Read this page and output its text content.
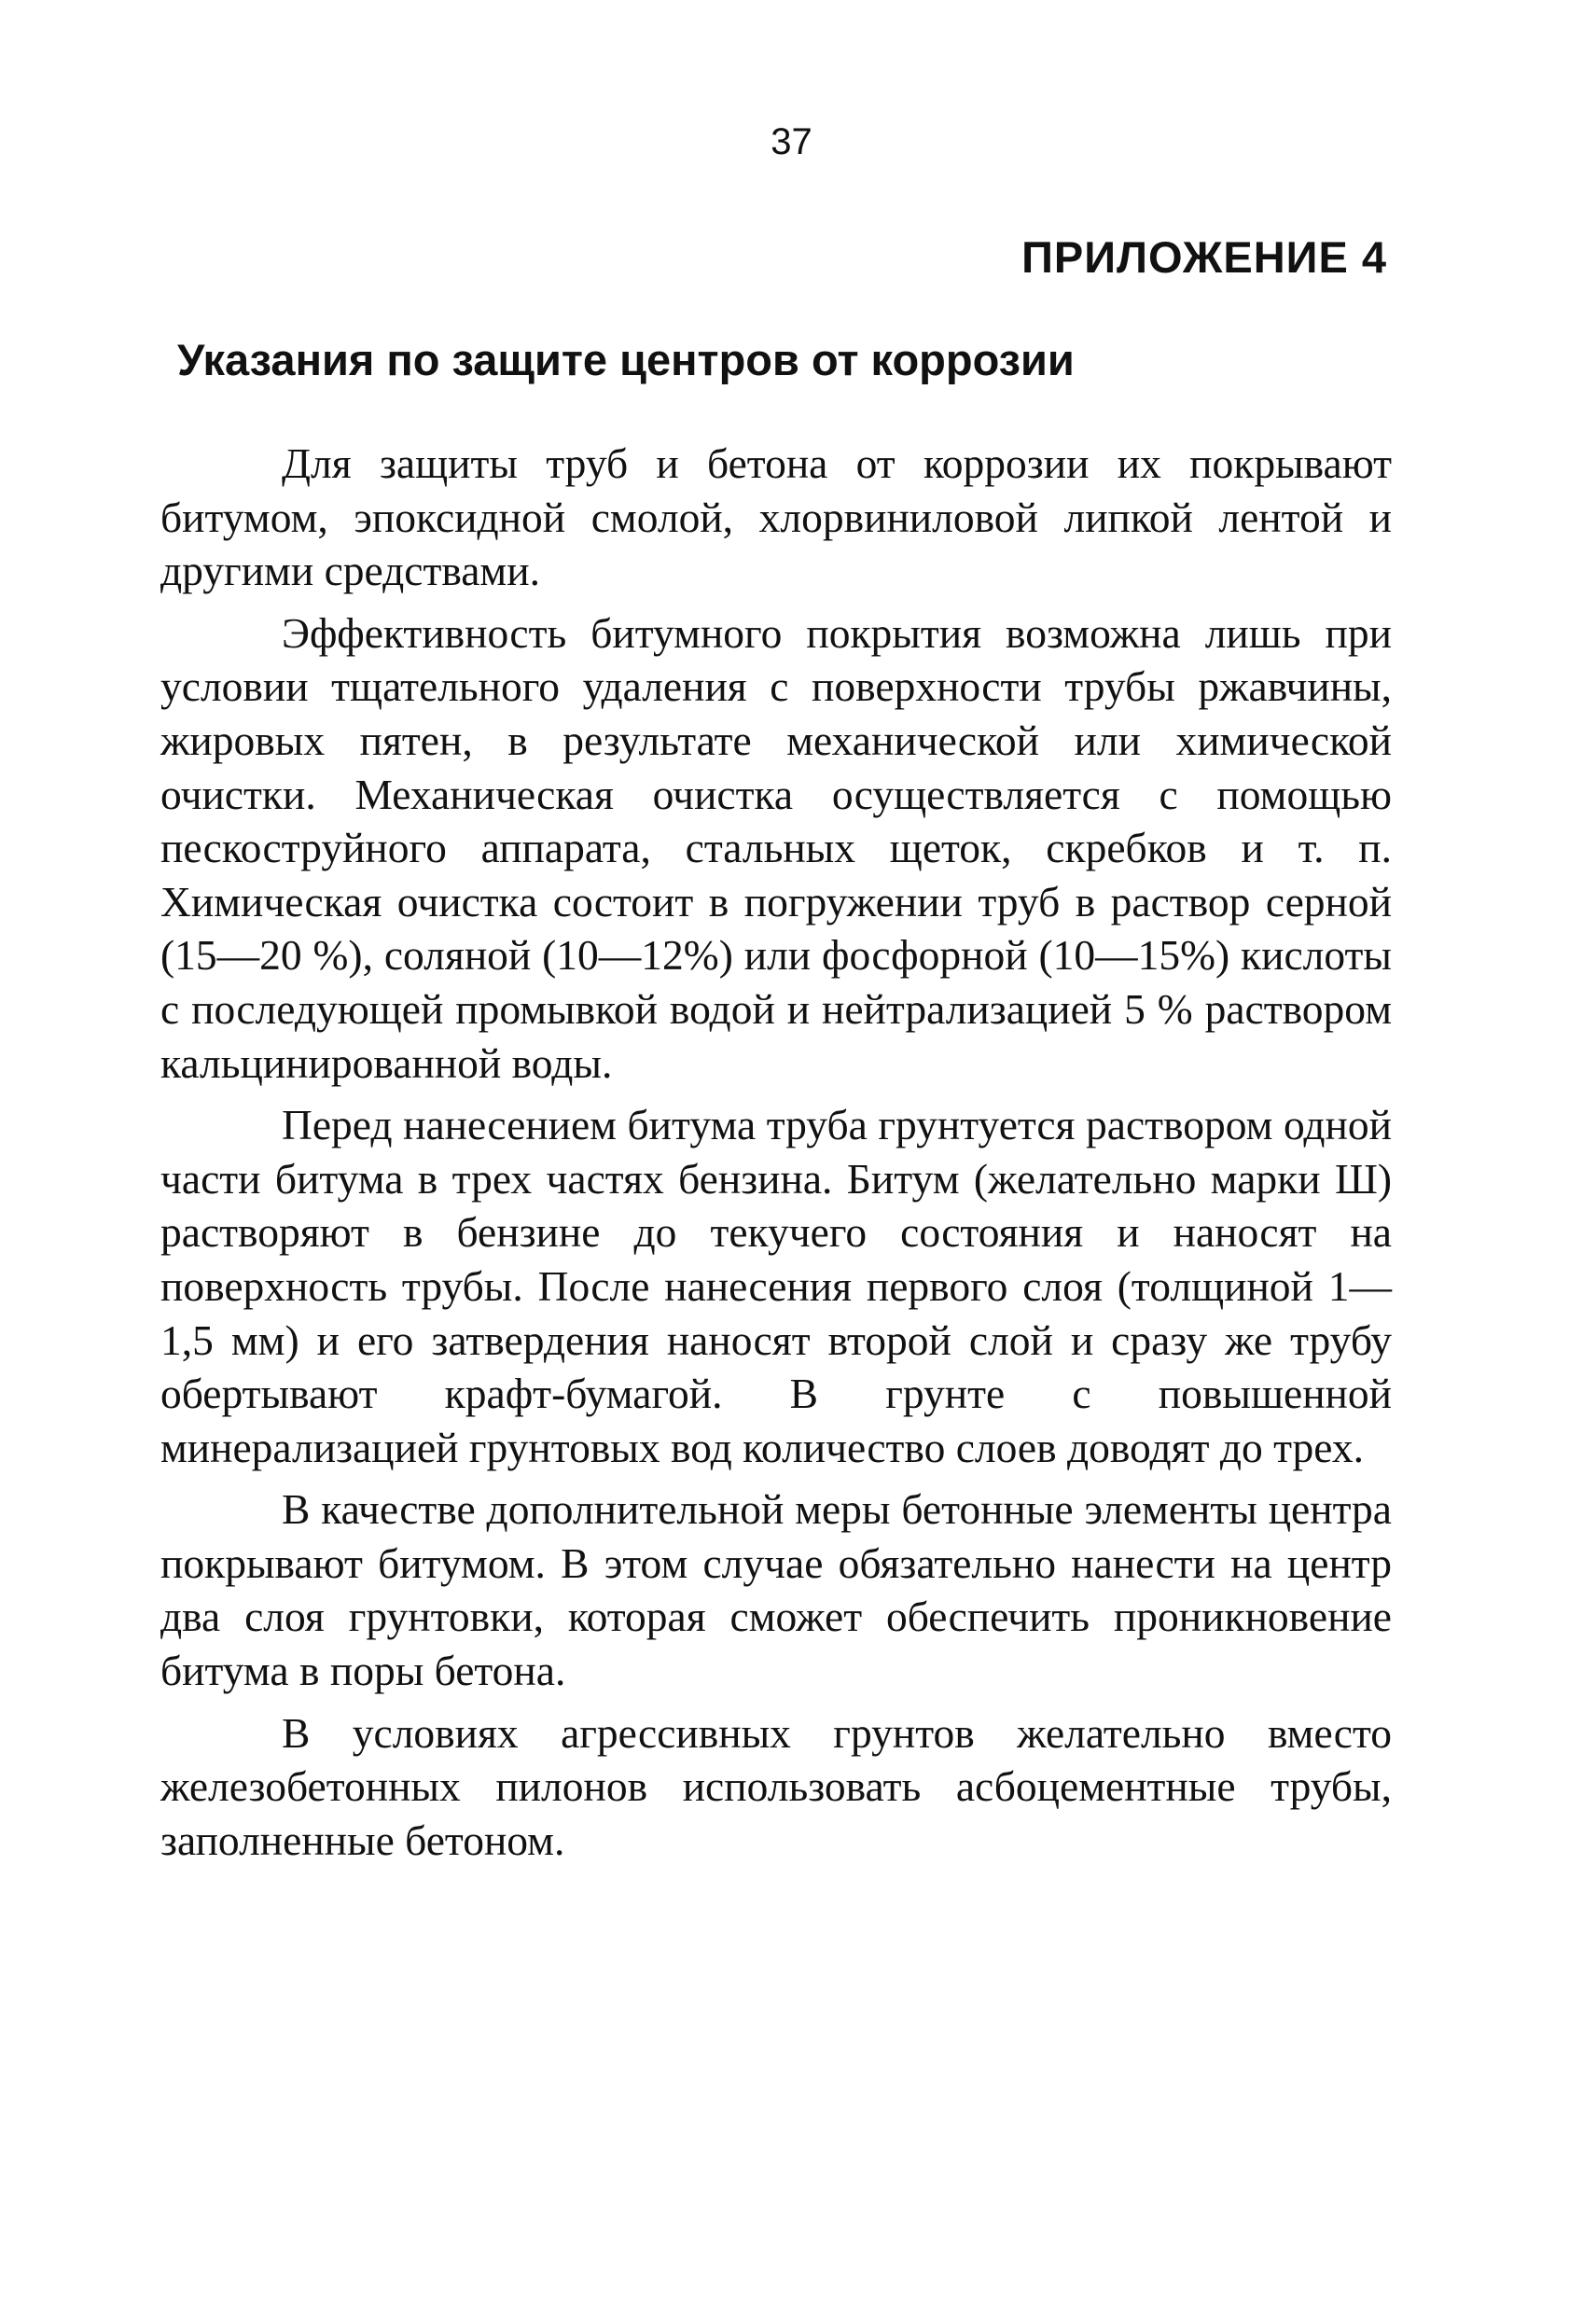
37
ПРИЛОЖЕНИЕ 4
Указания по защите центров от коррозии

Для защиты труб и бетона от коррозии их покрывают битумом, эпоксидной смолой, хлорвиниловой липкой лентой и другими средствами.

Эффективность битумного покрытия возможна лишь при условии тщательного удаления с поверхности трубы ржавчины, жировых пятен, в результате механической или химической очистки. Механическая очистка осуществляется с помощью пескоструйного аппарата, стальных щеток, скребков и т. п. Химическая очистка состоит в погружении труб в раствор серной (15—20 %), соляной (10—12%) или фосфорной (10—15%) кислоты с последующей промывкой водой и нейтрализацией 5 % раствором кальцинированной воды.

Перед нанесением битума труба грунтуется раствором одной части битума в трех частях бензина. Битум (желательно марки Ш) растворяют в бензине до текучего состояния и наносят на поверхность трубы. После нанесения первого слоя (толщиной 1— 1,5 мм) и его затвердения наносят второй слой и сразу же трубу обертывают крафт-бумагой. В грунте с повышенной минерализацией грунтовых вод количество слоев доводят до трех.

В качестве дополнительной меры бетонные элементы центра покрывают битумом. В этом случае обязательно нанести на центр два слоя грунтовки, которая сможет обеспечить проникновение битума в поры бетона.

В условиях агрессивных грунтов желательно вместо железобетонных пилонов использовать асбоцементные трубы, заполненные бетоном.
